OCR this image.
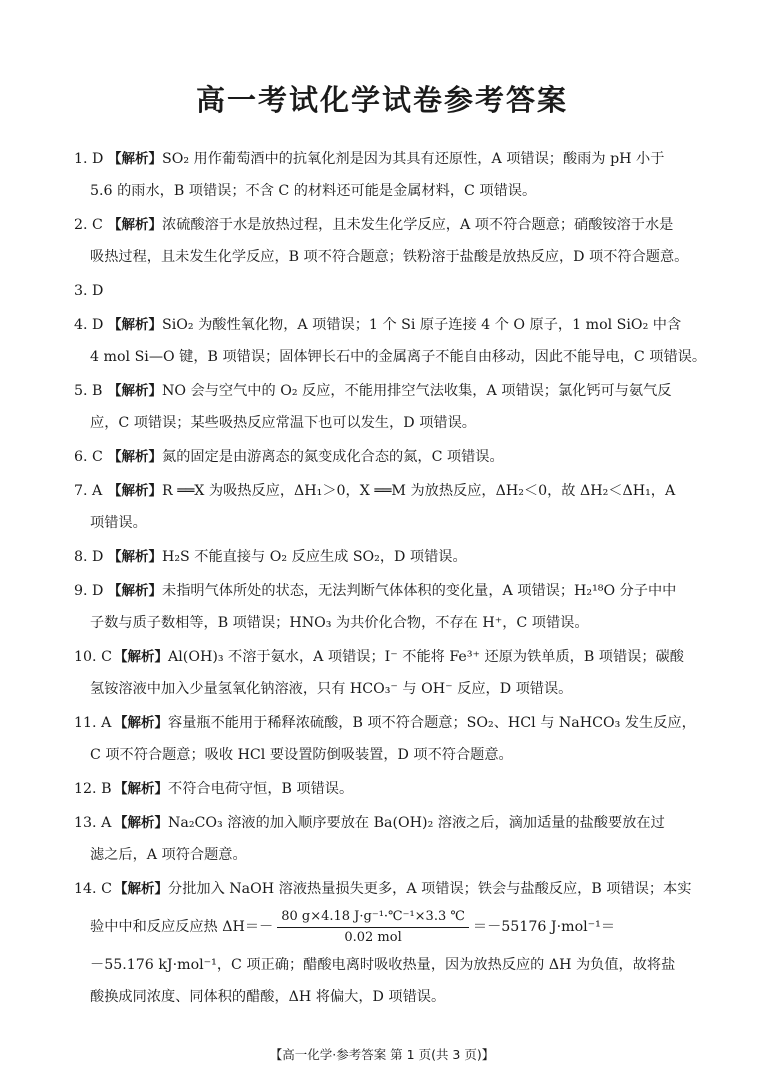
高一考试化学试卷参考答案
1. D 【解析】SO₂ 用作葡萄酒中的抗氧化剂是因为其具有还原性，A 项错误；酸雨为 pH 小于
5.6 的雨水，B 项错误；不含 C 的材料还可能是金属材料，C 项错误。
2. C 【解析】浓硫酸溶于水是放热过程，且未发生化学反应，A 项不符合题意；硝酸铵溶于水是
吸热过程，且未发生化学反应，B 项不符合题意；铁粉溶于盐酸是放热反应，D 项不符合题意。
3. D
4. D 【解析】SiO₂ 为酸性氧化物，A 项错误；1 个 Si 原子连接 4 个 O 原子，1 mol SiO₂ 中含
4 mol Si—O 键，B 项错误；固体钾长石中的金属离子不能自由移动，因此不能导电，C 项错误。
5. B 【解析】NO 会与空气中的 O₂ 反应，不能用排空气法收集，A 项错误；氯化钙可与氨气反
应，C 项错误；某些吸热反应常温下也可以发生，D 项错误。
6. C 【解析】氮的固定是由游离态的氮变成化合态的氮，C 项错误。
7. A 【解析】R ══X 为吸热反应，ΔH₁＞0，X ══M 为放热反应，ΔH₂＜0，故 ΔH₂＜ΔH₁，A
项错误。
8. D 【解析】H₂S 不能直接与 O₂ 反应生成 SO₂，D 项错误。
9. D 【解析】未指明气体所处的状态，无法判断气体体积的变化量，A 项错误；H₂¹⁸O 分子中中
子数与质子数相等，B 项错误；HNO₃ 为共价化合物，不存在 H⁺，C 项错误。
10. C 【解析】Al(OH)₃ 不溶于氨水，A 项错误；I⁻ 不能将 Fe³⁺ 还原为铁单质，B 项错误；碳酸
氢铵溶液中加入少量氢氧化钠溶液，只有 HCO₃⁻ 与 OH⁻ 反应，D 项错误。
11. A 【解析】容量瓶不能用于稀释浓硫酸，B 项不符合题意；SO₂、HCl 与 NaHCO₃ 发生反应，
C 项不符合题意；吸收 HCl 要设置防倒吸装置，D 项不符合题意。
12. B 【解析】不符合电荷守恒，B 项错误。
13. A 【解析】Na₂CO₃ 溶液的加入顺序要放在 Ba(OH)₂ 溶液之后，滴加适量的盐酸要放在过
滤之后，A 项符合题意。
14. C 【解析】分批加入 NaOH 溶液热量损失更多，A 项错误；铁会与盐酸反应，B 项错误；本实
验中中和反应反应热 $\Delta H=- \frac{\text{80 g×4.18 J·g⁻¹·℃⁻¹×3.3 ℃}}{\text{0.02 mol}} =-55176$ J·mol⁻¹＝
－55.176 kJ·mol⁻¹，C 项正确；醋酸电离时吸收热量，因为放热反应的 ΔH 为负值，故将盐
酸换成同浓度、同体积的醋酸，ΔH 将偏大，D 项错误。
【高一化学·参考答案 第 1 页(共 3 页)】
